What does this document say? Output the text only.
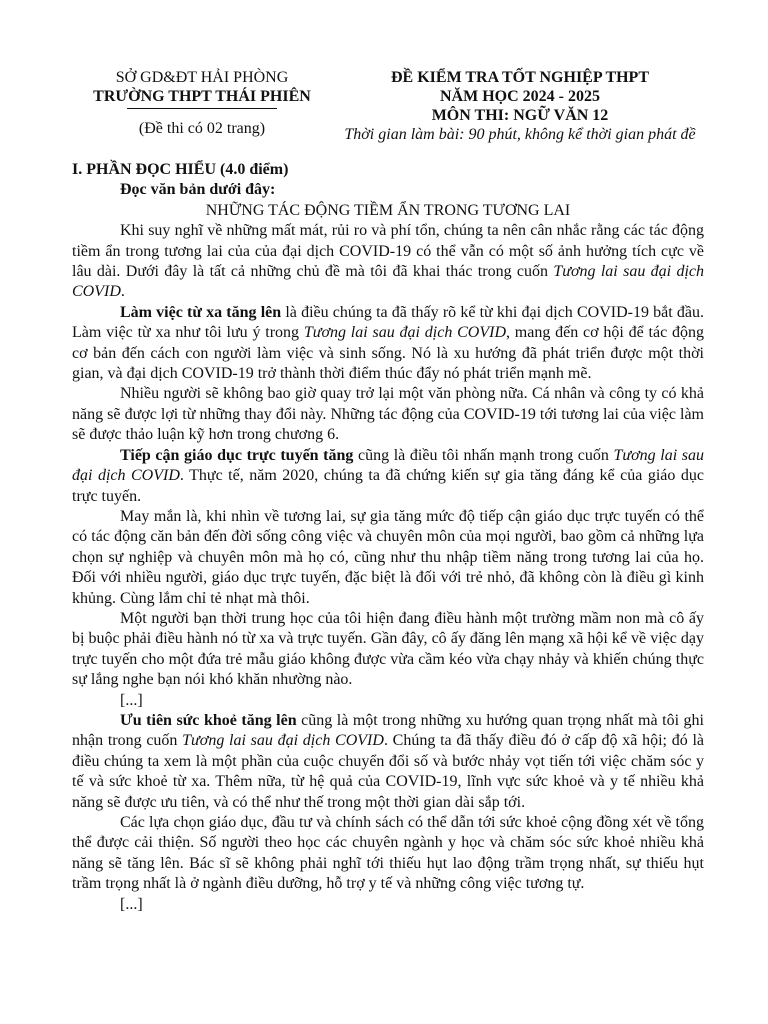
SỞ GD&ĐT HẢI PHÒNG
TRƯỜNG THPT THÁI PHIÊN
(Đề thi có 02 trang)
ĐỀ KIỂM TRA TỐT NGHIỆP THPT
NĂM HỌC 2024 - 2025
MÔN THI: NGỮ VĂN 12
Thời gian làm bài: 90 phút, không kể thời gian phát đề

I. PHẦN ĐỌC HIỂU (4.0 điểm)

Đọc văn bản dưới đây:

NHỮNG TÁC ĐỘNG TIỀM ẨN TRONG TƯƠNG LAI

Khi suy nghĩ về những mất mát, rủi ro và phí tổn, chúng ta nên cân nhắc rằng các tác động tiềm ẩn trong tương lai của của đại dịch COVID-19 có thể vẫn có một số ảnh hưởng tích cực về lâu dài. Dưới đây là tất cả những chủ đề mà tôi đã khai thác trong cuốn Tương lai sau đại dịch COVID.

Làm việc từ xa tăng lên là điều chúng ta đã thấy rõ kể từ khi đại dịch COVID-19 bắt đầu. Làm việc từ xa như tôi lưu ý trong Tương lai sau đại dịch COVID, mang đến cơ hội để tác động cơ bản đến cách con người làm việc và sinh sống. Nó là xu hướng đã phát triển được một thời gian, và đại dịch COVID-19 trở thành thời điểm thúc đẩy nó phát triển mạnh mẽ.

Nhiều người sẽ không bao giờ quay trở lại một văn phòng nữa. Cá nhân và công ty có khả năng sẽ được lợi từ những thay đổi này. Những tác động của COVID-19 tới tương lai của việc làm sẽ được thảo luận kỹ hơn trong chương 6.

Tiếp cận giáo dục trực tuyến tăng cũng là điều tôi nhấn mạnh trong cuốn Tương lai sau đại dịch COVID. Thực tế, năm 2020, chúng ta đã chứng kiến sự gia tăng đáng kể của giáo dục trực tuyến.

May mắn là, khi nhìn về tương lai, sự gia tăng mức độ tiếp cận giáo dục trực tuyến có thể có tác động căn bản đến đời sống công việc và chuyên môn của mọi người, bao gồm cả những lựa chọn sự nghiệp và chuyên môn mà họ có, cũng như thu nhập tiềm năng trong tương lai của họ. Đối với nhiều người, giáo dục trực tuyến, đặc biệt là đối với trẻ nhỏ, đã không còn là điều gì kinh khủng. Cùng lắm chỉ tẻ nhạt mà thôi.

Một người bạn thời trung học của tôi hiện đang điều hành một trường mầm non mà cô ấy bị buộc phải điều hành nó từ xa và trực tuyến. Gần đây, cô ấy đăng lên mạng xã hội kể về việc dạy trực tuyến cho một đứa trẻ mẫu giáo không được vừa cầm kéo vừa chạy nhảy và khiến chúng thực sự lắng nghe bạn nói khó khăn nhường nào.

[...]

Ưu tiên sức khoẻ tăng lên cũng là một trong những xu hướng quan trọng nhất mà tôi ghi nhận trong cuốn Tương lai sau đại dịch COVID. Chúng ta đã thấy điều đó ở cấp độ xã hội; đó là điều chúng ta xem là một phần của cuộc chuyển đổi số và bước nhảy vọt tiến tới việc chăm sóc y tế và sức khoẻ từ xa. Thêm nữa, từ hệ quả của COVID-19, lĩnh vực sức khoẻ và y tế nhiều khả năng sẽ được ưu tiên, và có thể như thế trong một thời gian dài sắp tới.

Các lựa chọn giáo dục, đầu tư và chính sách có thể dẫn tới sức khoẻ cộng đồng xét về tổng thể được cải thiện. Số người theo học các chuyên ngành y học và chăm sóc sức khoẻ nhiều khả năng sẽ tăng lên. Bác sĩ sẽ không phải nghĩ tới thiếu hụt lao động trầm trọng nhất, sự thiếu hụt trầm trọng nhất là ở ngành điều dưỡng, hỗ trợ y tế và những công việc tương tự.

[...]
